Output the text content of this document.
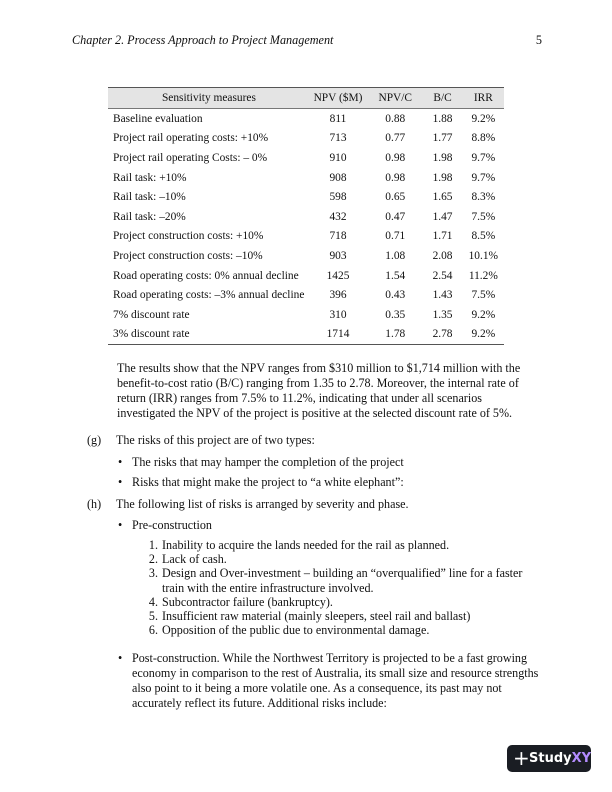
Chapter 2. Process Approach to Project Management	5
Sensitivity measures	NPV ($M)	NPV/C	B/C	IRR
Baseline evaluation	811	0.88	1.88	9.2%
Project rail operating costs: +10%	713	0.77	1.77	8.8%
Project rail operating Costs: – 0%	910	0.98	1.98	9.7%
Rail task: +10%	908	0.98	1.98	9.7%
Rail task: –10%	598	0.65	1.65	8.3%
Rail task: –20%	432	0.47	1.47	7.5%
Project construction costs: +10%	718	0.71	1.71	8.5%
Project construction costs: –10%	903	1.08	2.08	10.1%
Road operating costs: 0% annual decline	1425	1.54	2.54	11.2%
Road operating costs: –3% annual decline	396	0.43	1.43	7.5%
7% discount rate	310	0.35	1.35	9.2%
3% discount rate	1714	1.78	2.78	9.2%
The results show that the NPV ranges from $310 million to $1,714 million with the benefit-to-cost ratio (B/C) ranging from 1.35 to 2.78. Moreover, the internal rate of return (IRR) ranges from 7.5% to 11.2%, indicating that under all scenarios investigated the NPV of the project is positive at the selected discount rate of 5%.
(g) The risks of this project are of two types:
• The risks that may hamper the completion of the project
• Risks that might make the project to “a white elephant”:
(h) The following list of risks is arranged by severity and phase.
• Pre-construction
1. Inability to acquire the lands needed for the rail as planned.
2. Lack of cash.
3. Design and Over-investment – building an “overqualified” line for a faster train with the entire infrastructure involved.
4. Subcontractor failure (bankruptcy).
5. Insufficient raw material (mainly sleepers, steel rail and ballast)
6. Opposition of the public due to environmental damage.
• Post-construction. While the Northwest Territory is projected to be a fast growing economy in comparison to the rest of Australia, its small size and resource strengths also point to it being a more volatile one. As a consequence, its past may not accurately reflect its future. Additional risks include:
+ StudyXY
